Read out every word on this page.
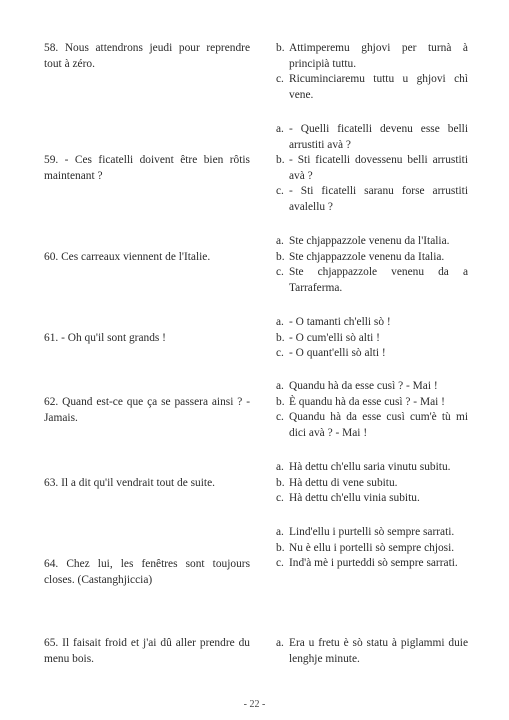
58. Nous attendrons jeudi pour reprendre tout à zéro.
b. Attimperemu ghjovi per turnà à principià tuttu.
c. Ricuminciaremu tuttu u ghjovi chì vene.
59. - Ces ficatelli doivent être bien rôtis maintenant ?
a. - Quelli ficatelli devenu esse belli arrustiti avà ?
b. - Sti ficatelli dovessenu belli arrustiti avà ?
c. - Sti ficatelli saranu forse arrustiti avalellu ?
60. Ces carreaux viennent de l'Italie.
a. Ste chjappazzole venenu da l'Italia.
b. Ste chjappazzole venenu da Italia.
c. Ste chjappazzole venenu da a Tarraferma.
61. - Oh qu'il sont grands !
a. - O tamanti ch'elli sò !
b. - O cum'elli sò alti !
c. - O quant'elli sò alti !
62. Quand est-ce que ça se passera ainsi ? - Jamais.
a. Quandu hà da esse cusì ? - Mai !
b. È quandu hà da esse cusì ? - Mai !
c. Quandu hà da esse cusì cum'è tù mi dici avà ? - Mai !
63. Il a dit qu'il vendrait tout de suite.
a. Hà dettu ch'ellu saria vinutu subitu.
b. Hà dettu di vene subitu.
c. Hà dettu ch'ellu vinia subitu.
64. Chez lui, les fenêtres sont toujours closes. (Castanghjiccia)
a. Lind'ellu i purtelli sò sempre sarrati.
b. Nu è ellu i portelli sò sempre chjosi.
c. Ind'à mè i purteddi sò sempre sarrati.
65. Il faisait froid et j'ai dû aller prendre du menu bois.
a. Era u fretu è sò statu à piglammi duie lenghje minute.
- 22 -
